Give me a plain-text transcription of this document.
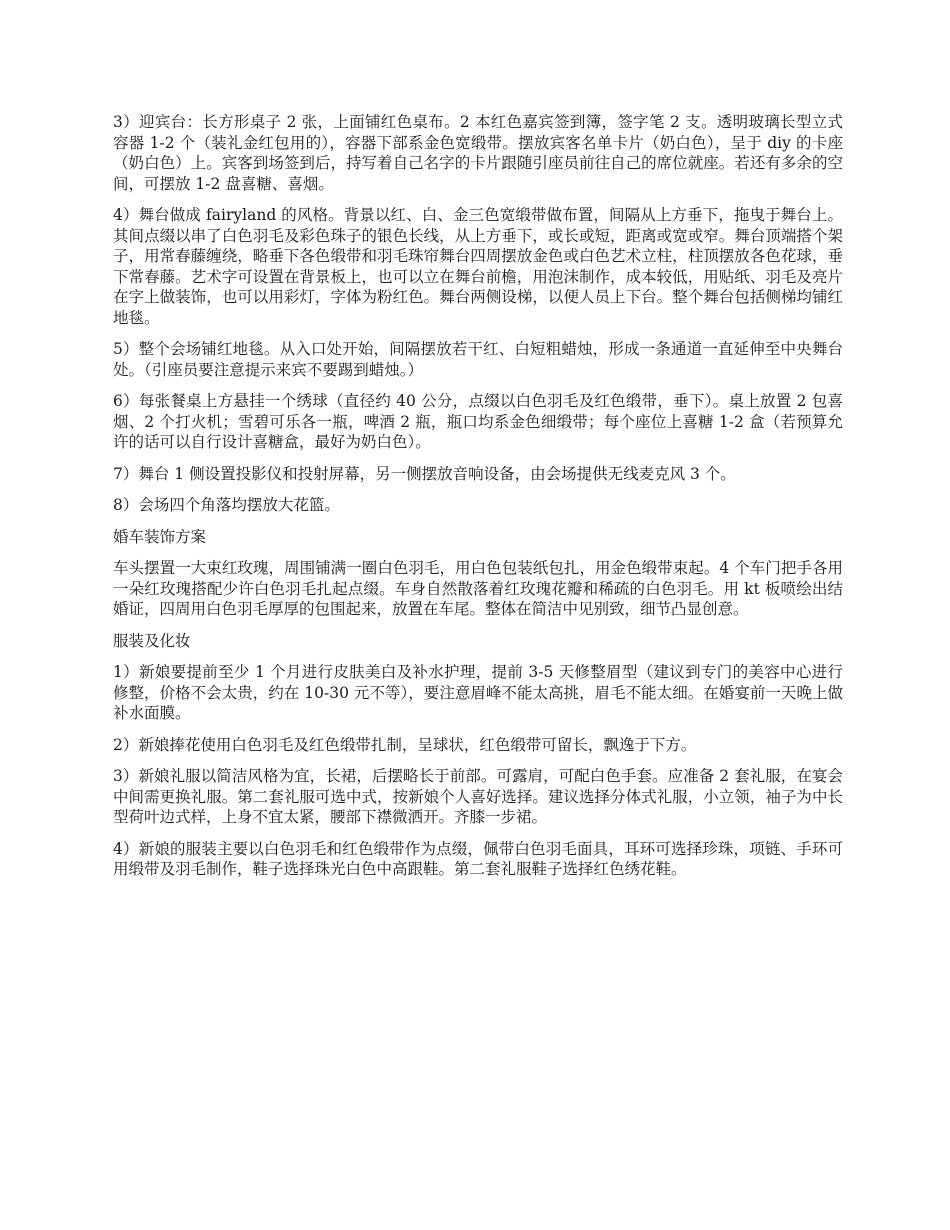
3）迎宾台：长方形桌子 2 张，上面铺红色桌布。2 本红色嘉宾签到簿，签字笔 2 支。透明玻璃长型立式容器 1-2 个（装礼金红包用的），容器下部系金色宽缎带。摆放宾客名单卡片（奶白色），呈于 diy 的卡座（奶白色）上。宾客到场签到后，持写着自己名字的卡片跟随引座员前往自己的席位就座。若还有多余的空间，可摆放 1-2 盘喜糖、喜烟。

4）舞台做成 fairyland 的风格。背景以红、白、金三色宽缎带做布置，间隔从上方垂下，拖曳于舞台上。其间点缀以串了白色羽毛及彩色珠子的银色长线，从上方垂下，或长或短，距离或宽或窄。舞台顶端搭个架子，用常春藤缠绕，略垂下各色缎带和羽毛珠帘舞台四周摆放金色或白色艺术立柱，柱顶摆放各色花球，垂下常春藤。艺术字可设置在背景板上，也可以立在舞台前檐，用泡沫制作，成本较低，用贴纸、羽毛及亮片在字上做装饰，也可以用彩灯，字体为粉红色。舞台两侧设梯，以便人员上下台。整个舞台包括侧梯均铺红地毯。

5）整个会场铺红地毯。从入口处开始，间隔摆放若干红、白短粗蜡烛，形成一条通道一直延伸至中央舞台处。（引座员要注意提示来宾不要踢到蜡烛。）

6）每张餐桌上方悬挂一个绣球（直径约 40 公分，点缀以白色羽毛及红色缎带，垂下）。桌上放置 2 包喜烟、2 个打火机；雪碧可乐各一瓶，啤酒 2 瓶，瓶口均系金色细缎带；每个座位上喜糖 1-2 盒（若预算允许的话可以自行设计喜糖盒，最好为奶白色）。

7）舞台 1 侧设置投影仪和投射屏幕，另一侧摆放音响设备，由会场提供无线麦克风 3 个。

8）会场四个角落均摆放大花篮。

婚车装饰方案

车头摆置一大束红玫瑰，周围铺满一圈白色羽毛，用白色包装纸包扎，用金色缎带束起。4 个车门把手各用一朵红玫瑰搭配少许白色羽毛扎起点缀。车身自然散落着红玫瑰花瓣和稀疏的白色羽毛。用 kt 板喷绘出结婚证，四周用白色羽毛厚厚的包围起来，放置在车尾。整体在简洁中见别致，细节凸显创意。

服装及化妆

1）新娘要提前至少 1 个月进行皮肤美白及补水护理，提前 3-5 天修整眉型（建议到专门的美容中心进行修整，价格不会太贵，约在 10-30 元不等），要注意眉峰不能太高挑，眉毛不能太细。在婚宴前一天晚上做补水面膜。

2）新娘捧花使用白色羽毛及红色缎带扎制，呈球状，红色缎带可留长，飘逸于下方。

3）新娘礼服以简洁风格为宜，长裙，后摆略长于前部。可露肩，可配白色手套。应准备 2 套礼服，在宴会中间需更换礼服。第二套礼服可选中式，按新娘个人喜好选择。建议选择分体式礼服，小立领，袖子为中长型荷叶边式样，上身不宜太紧，腰部下襟微洒开。齐膝一步裙。

4）新娘的服装主要以白色羽毛和红色缎带作为点缀，佩带白色羽毛面具，耳环可选择珍珠，项链、手环可用缎带及羽毛制作，鞋子选择珠光白色中高跟鞋。第二套礼服鞋子选择红色绣花鞋。
